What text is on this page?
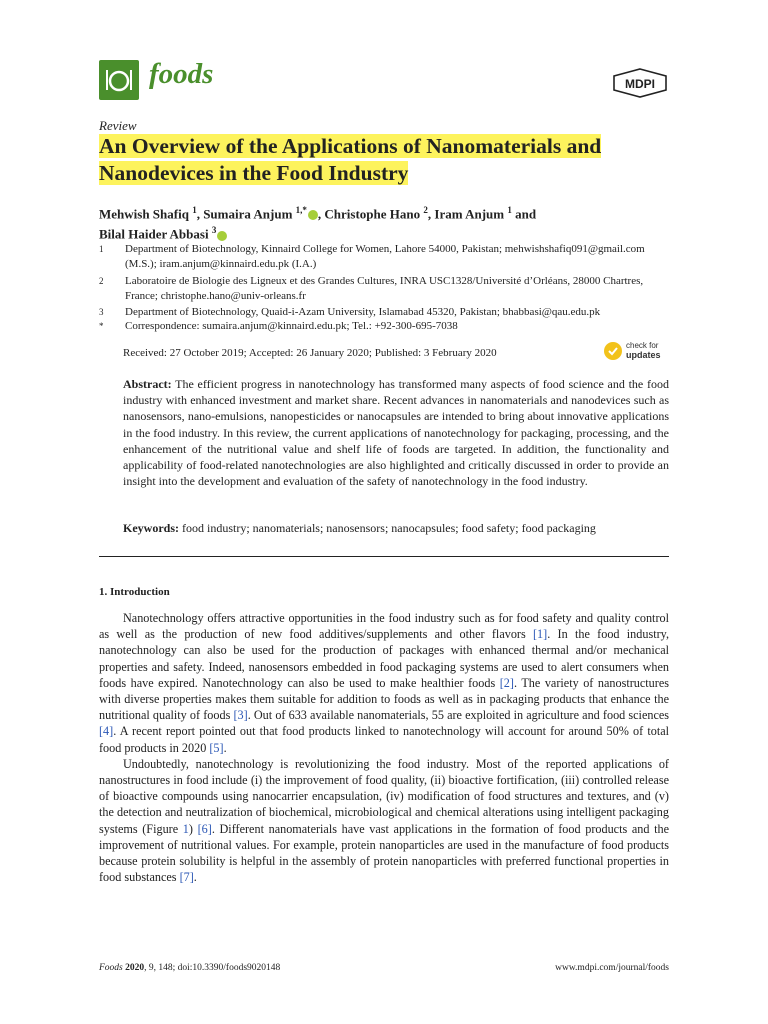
foods	MDPI
Review
An Overview of the Applications of Nanomaterials and Nanodevices in the Food Industry
Mehwish Shafiq $^1$, Sumaira Anjum $^{1,*}$ , Christophe Hano $^2$, Iram Anjum $^1$ and
Bilal Haider Abbasi $^3$
1 Department of Biotechnology, Kinnaird College for Women, Lahore 54000, Pakistan; mehwishshafiq091@gmail.com (M.S.); iram.anjum@kinnaird.edu.pk (I.A.)
2 Laboratoire de Biologie des Ligneux et des Grandes Cultures, INRA USC1328/Université d’Orléans, 28000 Chartres, France; christophe.hano@univ-orleans.fr
3 Department of Biotechnology, Quaid-i-Azam University, Islamabad 45320, Pakistan; bhabbasi@qau.edu.pk
* Correspondence: sumaira.anjum@kinnaird.edu.pk; Tel.: +92-300-695-7038
Received: 27 October 2019; Accepted: 26 January 2020; Published: 3 February 2020
check for
updates
Abstract: The efficient progress in nanotechnology has transformed many aspects of food science and the food industry with enhanced investment and market share. Recent advances in nanomaterials and nanodevices such as nanosensors, nano-emulsions, nanopesticides or nanocapsules are intended to bring about innovative applications in the food industry. In this review, the current applications of nanotechnology for packaging, processing, and the enhancement of the nutritional value and shelf life of foods are targeted. In addition, the functionality and applicability of food-related nanotechnologies are also highlighted and critically discussed in order to provide an insight into the development and evaluation of the safety of nanotechnology in the food industry.
Keywords: food industry; nanomaterials; nanosensors; nanocapsules; food safety; food packaging
1. Introduction

Nanotechnology offers attractive opportunities in the food industry such as for food safety and quality control as well as the production of new food additives/supplements and other flavors [1]. In the food industry, nanotechnology can also be used for the production of packages with enhanced thermal and/or mechanical properties and safety. Indeed, nanosensors embedded in food packaging systems are used to alert consumers when foods have expired. Nanotechnology can also be used to make healthier foods [2]. The variety of nanostructures with diverse properties makes them suitable for addition to foods as well as in packaging products that enhance the nutritional quality of foods [3]. Out of 633 available nanomaterials, 55 are exploited in agriculture and food sciences [4]. A recent report pointed out that food products linked to nanotechnology will account for around 50% of total food products in 2020 [5].

Undoubtedly, nanotechnology is revolutionizing the food industry. Most of the reported applications of nanostructures in food include (i) the improvement of food quality, (ii) bioactive fortification, (iii) controlled release of bioactive compounds using nanocarrier encapsulation, (iv) modification of food structures and textures, and (v) the detection and neutralization of biochemical, microbiological and chemical alterations using intelligent packaging systems (Figure 1) [6]. Different nanomaterials have vast applications in the formation of food products and the improvement of nutritional values. For example, protein nanoparticles are used in the manufacture of food products because protein solubility is helpful in the assembly of protein nanoparticles with preferred functional properties in food substances [7].

Foods 2020, 9, 148; doi:10.3390/foods9020148	www.mdpi.com/journal/foods
